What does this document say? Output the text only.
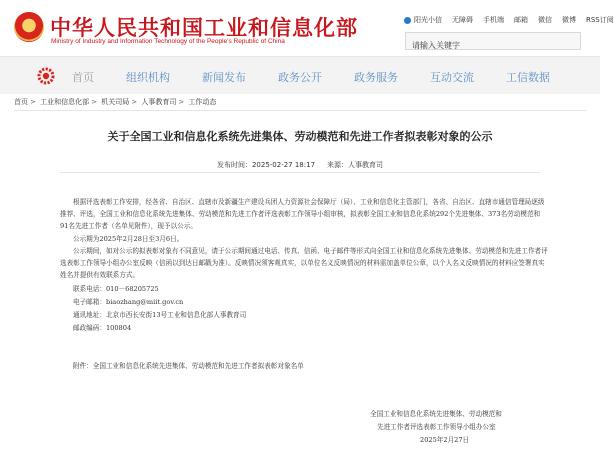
★ 中华人民共和国工业和信息化部
Ministry of Industry and Information Technology of the People's Republic of China
阳光小信 无障碍 手机端 邮箱 微信 微博 RSS订阅
请输入关键字
首页	组织机构	新闻发布	政务公开	政务服务	互动交流	工信数据
首页 > 工业和信息化部 > 机关司局 > 人事教育司 > 工作动态
关于全国工业和信息化系统先进集体、劳动模范和先进工作者拟表彰对象的公示
发布时间：2025-02-27 18:17 来源：人事教育司
根据评选表彰工作安排，经各省、自治区、直辖市及新疆生产建设兵团人力资源社会保障厅（局）、工业和信息化主管部门，各省、自治区、直辖市通信管理局逐级推荐、评选，全国工业和信息化系统先进集体、劳动模范和先进工作者评选表彰工作领导小组审核，拟表彰全国工业和信息化系统292个先进集体、373名劳动模范和91名先进工作者（名单见附件），现予以公示。
公示期为2025年2月28日至3月6日。
公示期间，如对公示的拟表彰对象有不同意见，请于公示期间通过电话、传真、信函、电子邮件等形式向全国工业和信息化系统先进集体、劳动模范和先进工作者评选表彰工作领导小组办公室反映（信函以到达日邮戳为准）。反映情况须客观真实，以单位名义反映情况的材料需加盖单位公章，以个人名义反映情况的材料应签署真实姓名并提供有效联系方式。
联系电话：010－68205725
电子邮箱：biaozhang@miit.gov.cn
通讯地址：北京市西长安街13号工业和信息化部人事教育司
邮政编码：100804
附件：全国工业和信息化系统先进集体、劳动模范和先进工作者拟表彰对象名单
全国工业和信息化系统先进集体、劳动模范和
先进工作者评选表彰工作领导小组办公室
2025年2月27日
